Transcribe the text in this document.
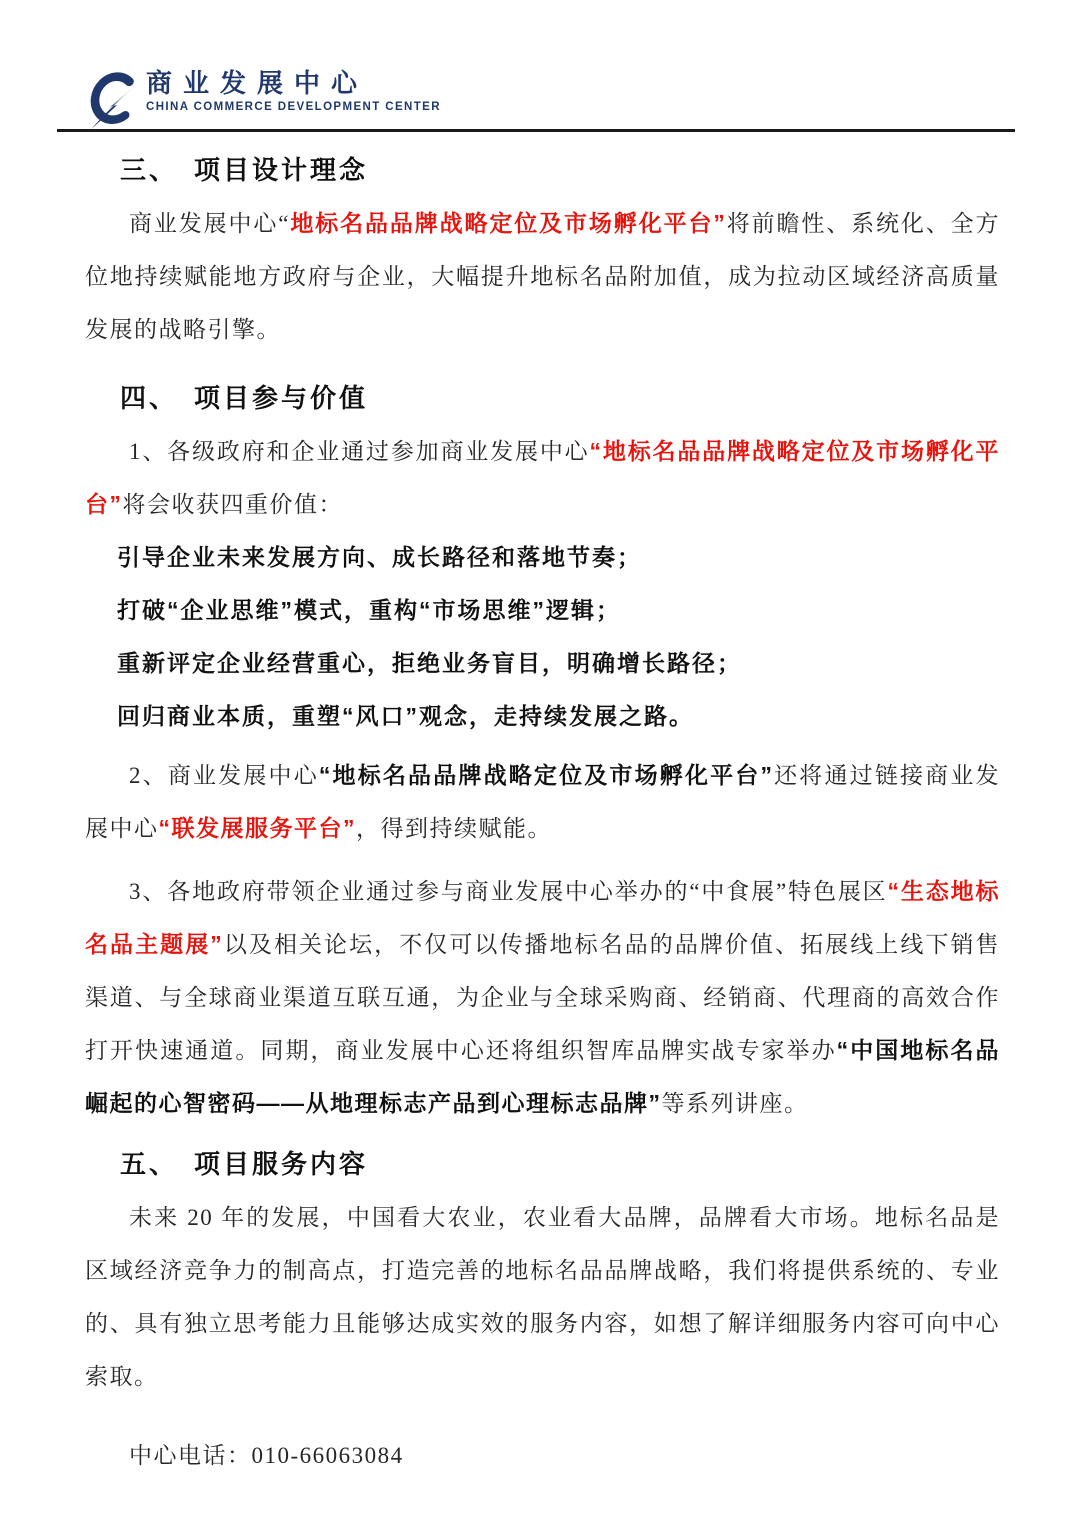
商业发展中心
CHINA COMMERCE DEVELOPMENT CENTER
三、　项目设计理念

商业发展中心“地标名品品牌战略定位及市场孵化平台”将前瞻性、系统化、全方位地持续赋能地方政府与企业，大幅提升地标名品附加值，成为拉动区域经济高质量发展的战略引擎。

四、　项目参与价值

1、各级政府和企业通过参加商业发展中心“地标名品品牌战略定位及市场孵化平台”将会收获四重价值：

引导企业未来发展方向、成长路径和落地节奏；

打破“企业思维”模式，重构“市场思维”逻辑；

重新评定企业经营重心，拒绝业务盲目，明确增长路径；

回归商业本质，重塑“风口”观念，走持续发展之路。

2、商业发展中心“地标名品品牌战略定位及市场孵化平台”还将通过链接商业发展中心“联发展服务平台”，得到持续赋能。

3、各地政府带领企业通过参与商业发展中心举办的“中食展”特色展区“生态地标名品主题展”以及相关论坛，不仅可以传播地标名品的品牌价值、拓展线上线下销售渠道、与全球商业渠道互联互通，为企业与全球采购商、经销商、代理商的高效合作打开快速通道。同期，商业发展中心还将组织智库品牌实战专家举办“中国地标名品崛起的心智密码——从地理标志产品到心理标志品牌”等系列讲座。

五、　项目服务内容

未来 20 年的发展，中国看大农业，农业看大品牌，品牌看大市场。地标名品是区域经济竞争力的制高点，打造完善的地标名品品牌战略，我们将提供系统的、专业的、具有独立思考能力且能够达成实效的服务内容，如想了解详细服务内容可向中心索取。

中心电话：010-66063084
